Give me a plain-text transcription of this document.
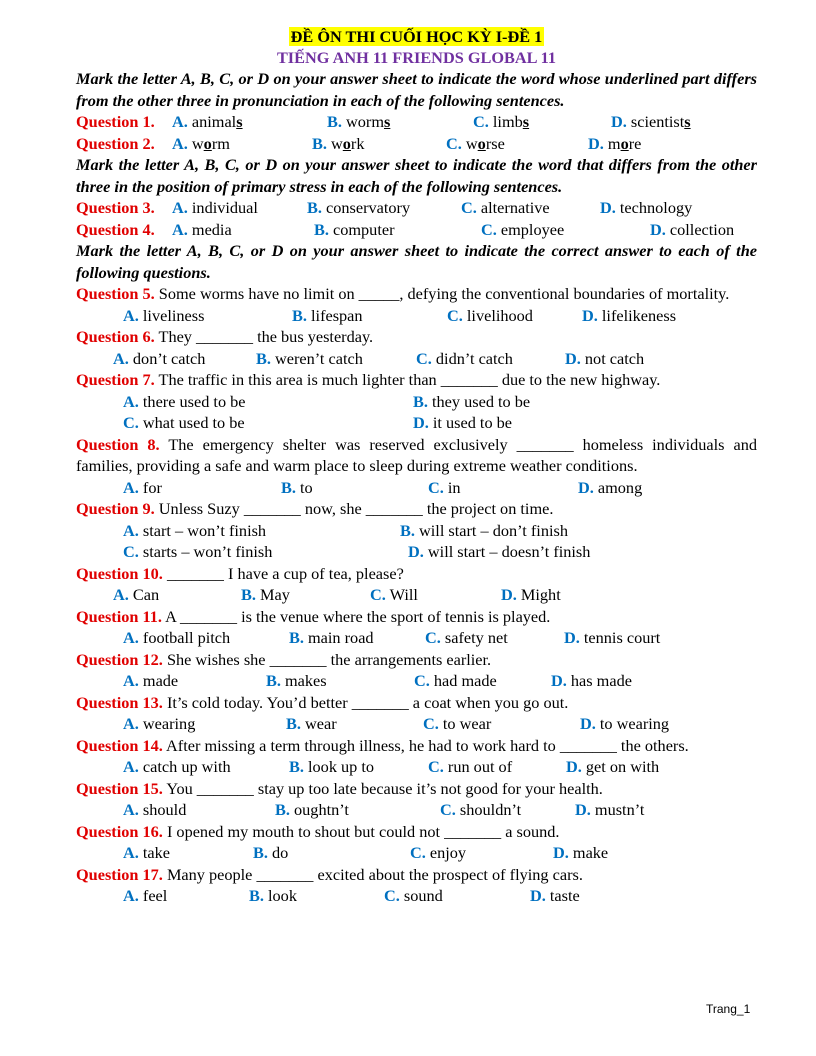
ĐỀ ÔN THI CUỐI HỌC KỲ I-ĐỀ 1
TIẾNG ANH 11 FRIENDS GLOBAL 11
Mark the letter A, B, C, or D on your answer sheet to indicate the word whose underlined part differs from the other three in pronunciation in each of the following sentences.
Question 1. A. animals	B. worms	C. limbs	D. scientists
Question 2. A. worm	B. work	C. worse	D. more
Mark the letter A, B, C, or D on your answer sheet to indicate the word that differs from the other three in the position of primary stress in each of the following sentences.
Question 3. A. individual	B. conservatory	C. alternative	D. technology
Question 4. A. media	B. computer	C. employee	D. collection
Mark the letter A, B, C, or D on your answer sheet to indicate the correct answer to each of the following questions.
Question 5. Some worms have no limit on _____, defying the conventional boundaries of mortality.
A. liveliness	B. lifespan	C. livelihood	D. lifelikeness
Question 6. They _______ the bus yesterday.
A. don’t catch	B. weren’t catch	C. didn’t catch	D. not catch
Question 7. The traffic in this area is much lighter than _______ due to the new highway.
A. there used to be	B. they used to be
C. what used to be	D. it used to be
Question 8. The emergency shelter was reserved exclusively _______ homeless individuals and families, providing a safe and warm place to sleep during extreme weather conditions.
A. for	B. to	C. in	D. among
Question 9. Unless Suzy _______ now, she _______ the project on time.
A. start – won’t finish	B. will start – don’t finish
C. starts – won’t finish	D. will start – doesn’t finish
Question 10. _______ I have a cup of tea, please?
A. Can	B. May	C. Will	D. Might
Question 11. A _______ is the venue where the sport of tennis is played.
A. football pitch	B. main road	C. safety net	D. tennis court
Question 12. She wishes she _______ the arrangements earlier.
A. made	B. makes	C. had made	D. has made
Question 13. It’s cold today. You’d better _______ a coat when you go out.
A. wearing	B. wear	C. to wear	D. to wearing
Question 14. After missing a term through illness, he had to work hard to _______ the others.
A. catch up with	B. look up to	C. run out of	D. get on with
Question 15. You _______ stay up too late because it’s not good for your health.
A. should	B. oughtn’t	C. shouldn’t	D. mustn’t
Question 16. I opened my mouth to shout but could not _______ a sound.
A. take	B. do	C. enjoy	D. make
Question 17. Many people _______ excited about the prospect of flying cars.
A. feel	B. look	C. sound	D. taste
Trang_1
